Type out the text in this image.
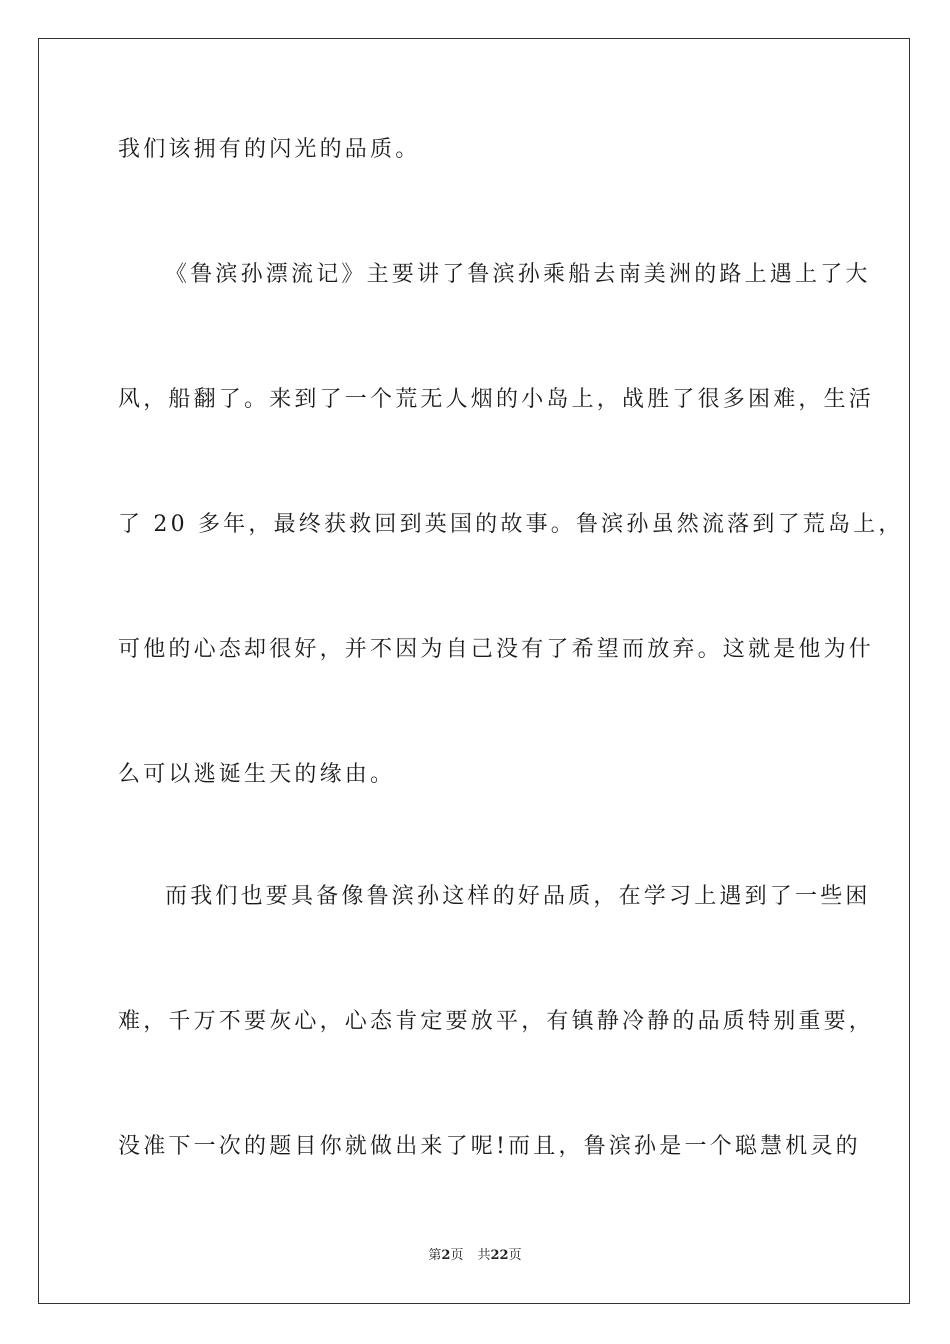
我们该拥有的闪光的品质。
《鲁滨孙漂流记》主要讲了鲁滨孙乘船去南美洲的路上遇上了大
风，船翻了。来到了一个荒无人烟的小岛上，战胜了很多困难，生活
了 20 多年，最终获救回到英国的故事。鲁滨孙虽然流落到了荒岛上，
可他的心态却很好，并不因为自己没有了希望而放弃。这就是他为什
么可以逃诞生天的缘由。
而我们也要具备像鲁滨孙这样的好品质，在学习上遇到了一些困
难，千万不要灰心，心态肯定要放平，有镇静冷静的品质特别重要，
没准下一次的题目你就做出来了呢!而且，鲁滨孙是一个聪慧机灵的
第2页 共22页
